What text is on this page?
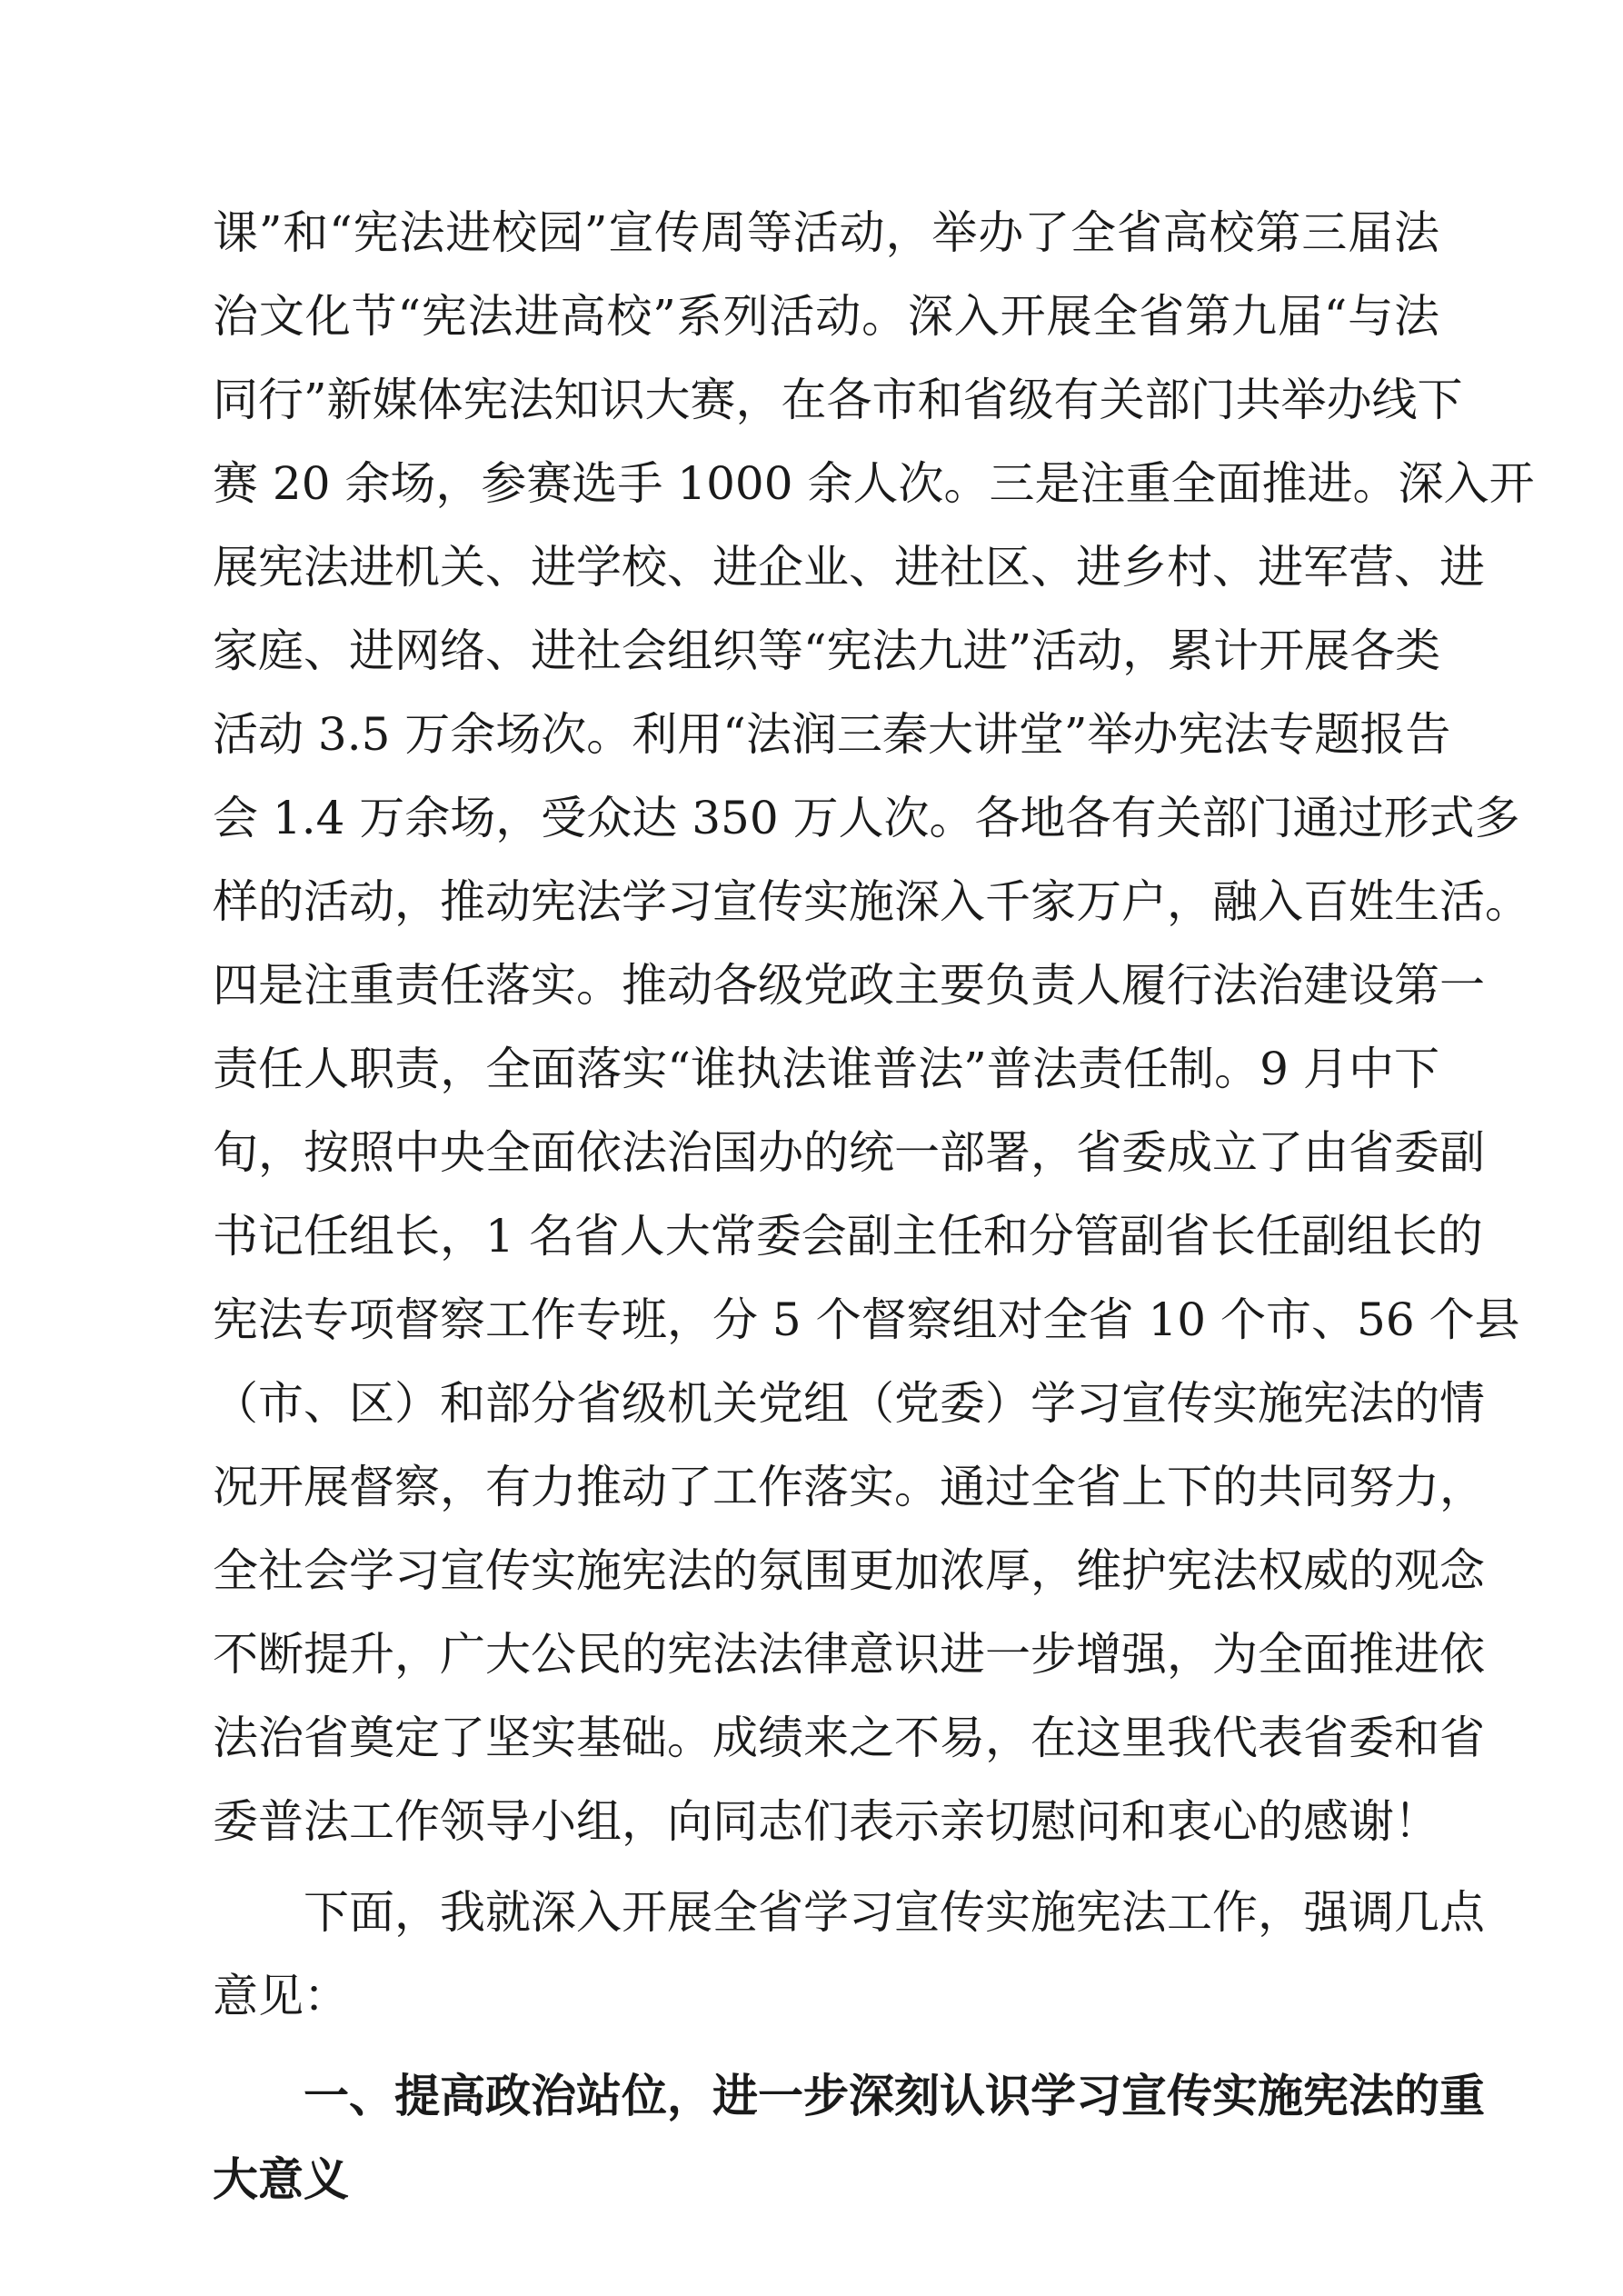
课”和“宪法进校园”宣传周等活动，举办了全省高校第三届法
治文化节“宪法进高校”系列活动。深入开展全省第九届“与法
同行”新媒体宪法知识大赛，在各市和省级有关部门共举办线下
赛 20 余场，参赛选手 1000 余人次。三是注重全面推进。深入开
展宪法进机关、进学校、进企业、进社区、进乡村、进军营、进
家庭、进网络、进社会组织等“宪法九进”活动，累计开展各类
活动 3.5 万余场次。利用“法润三秦大讲堂”举办宪法专题报告
会 1.4 万余场，受众达 350 万人次。各地各有关部门通过形式多
样的活动，推动宪法学习宣传实施深入千家万户，融入百姓生活。
四是注重责任落实。推动各级党政主要负责人履行法治建设第一
责任人职责，全面落实“谁执法谁普法”普法责任制。9 月中下
旬，按照中央全面依法治国办的统一部署，省委成立了由省委副
书记任组长，1 名省人大常委会副主任和分管副省长任副组长的
宪法专项督察工作专班，分 5 个督察组对全省 10 个市、56 个县
（市、区）和部分省级机关党组（党委）学习宣传实施宪法的情
况开展督察，有力推动了工作落实。通过全省上下的共同努力，
全社会学习宣传实施宪法的氛围更加浓厚，维护宪法权威的观念
不断提升，广大公民的宪法法律意识进一步增强，为全面推进依
法治省奠定了坚实基础。成绩来之不易，在这里我代表省委和省
委普法工作领导小组，向同志们表示亲切慰问和衷心的感谢！
下面，我就深入开展全省学习宣传实施宪法工作，强调几点
意见：
一、提高政治站位，进一步深刻认识学习宣传实施宪法的重
大意义
